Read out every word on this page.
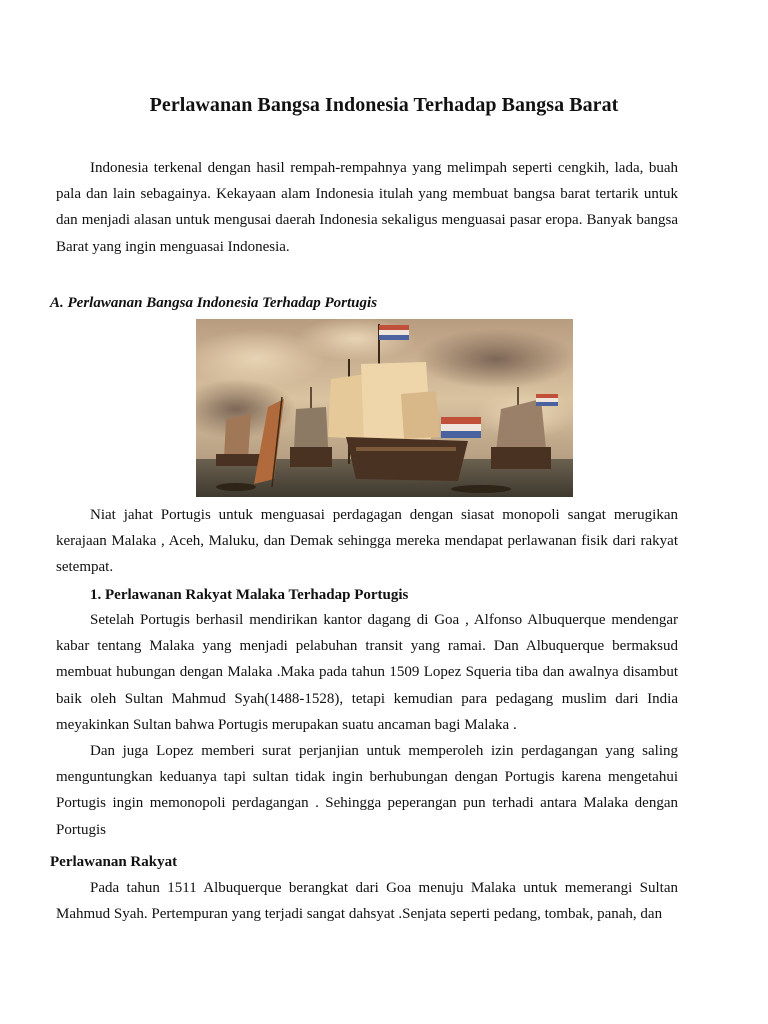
Perlawanan Bangsa Indonesia Terhadap Bangsa Barat

Indonesia terkenal dengan hasil rempah-rempahnya yang melimpah seperti cengkih, lada, buah pala dan lain sebagainya. Kekayaan alam Indonesia itulah yang membuat bangsa barat tertarik untuk dan menjadi alasan untuk mengusai daerah Indonesia sekaligus menguasai pasar eropa. Banyak bangsa Barat yang ingin menguasai Indonesia.

A. Perlawanan Bangsa Indonesia Terhadap Portugis

Niat jahat Portugis untuk menguasai perdagagan dengan siasat monopoli sangat merugikan kerajaan Malaka , Aceh, Maluku, dan Demak sehingga mereka mendapat perlawanan fisik dari rakyat setempat.

1. Perlawanan Rakyat Malaka Terhadap Portugis

Setelah Portugis berhasil mendirikan kantor dagang di Goa , Alfonso Albuquerque mendengar kabar tentang Malaka yang menjadi pelabuhan transit yang ramai. Dan Albuquerque bermaksud membuat hubungan dengan Malaka .Maka pada tahun 1509 Lopez Squeria tiba dan awalnya disambut baik oleh Sultan Mahmud Syah(1488-1528), tetapi kemudian para pedagang muslim dari India meyakinkan Sultan bahwa Portugis merupakan suatu ancaman bagi Malaka .

Dan juga Lopez memberi surat perjanjian untuk memperoleh izin perdagangan yang saling menguntungkan keduanya tapi sultan tidak ingin berhubungan dengan Portugis karena mengetahui Portugis ingin memonopoli perdagangan . Sehingga peperangan pun terhadi antara Malaka dengan Portugis

Perlawanan Rakyat

Pada tahun 1511 Albuquerque berangkat dari Goa menuju Malaka untuk memerangi Sultan Mahmud Syah. Pertempuran yang terjadi sangat dahsyat .Senjata seperti pedang, tombak, panah, dan
